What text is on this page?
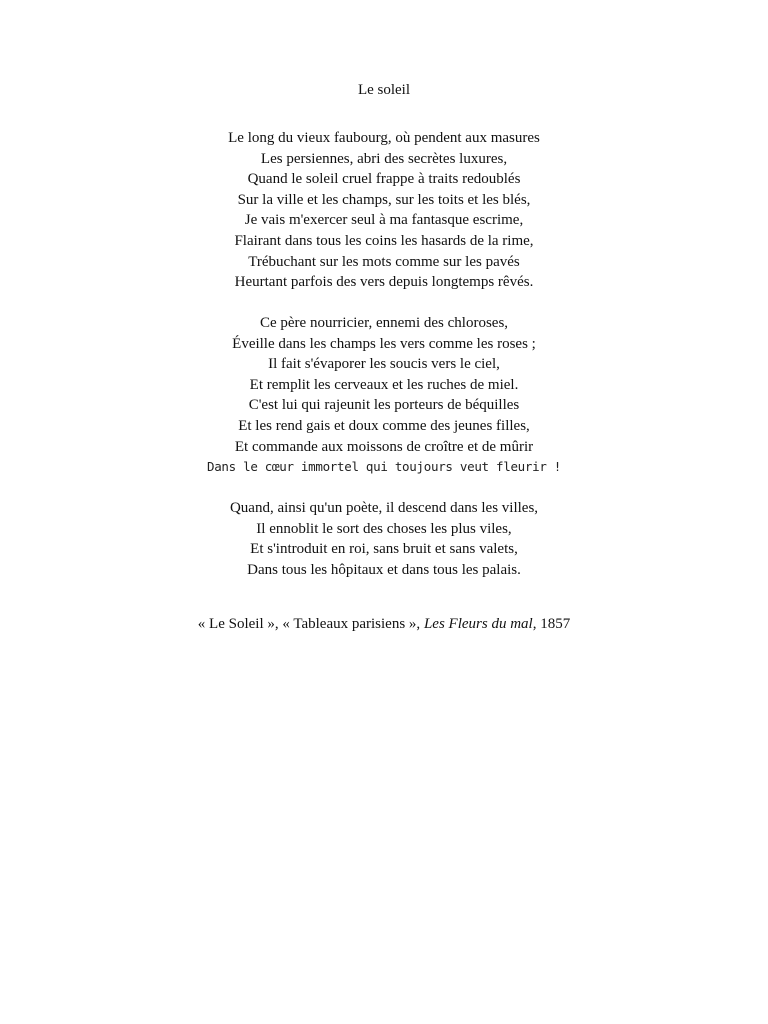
Le soleil
Le long du vieux faubourg, où pendent aux masures
Les persiennes, abri des secrètes luxures,
Quand le soleil cruel frappe à traits redoublés
Sur la ville et les champs, sur les toits et les blés,
Je vais m'exercer seul à ma fantasque escrime,
Flairant dans tous les coins les hasards de la rime,
Trébuchant sur les mots comme sur les pavés
Heurtant parfois des vers depuis longtemps rêvés.
Ce père nourricier, ennemi des chloroses,
Éveille dans les champs les vers comme les roses ;
Il fait s'évaporer les soucis vers le ciel,
Et remplit les cerveaux et les ruches de miel.
C'est lui qui rajeunit les porteurs de béquilles
Et les rend gais et doux comme des jeunes filles,
Et commande aux moissons de croître et de mûrir
Dans le cœur immortel qui toujours veut fleurir !
Quand, ainsi qu'un poète, il descend dans les villes,
Il ennoblit le sort des choses les plus viles,
Et s'introduit en roi, sans bruit et sans valets,
Dans tous les hôpitaux et dans tous les palais.
« Le Soleil », « Tableaux parisiens », Les Fleurs du mal, 1857
